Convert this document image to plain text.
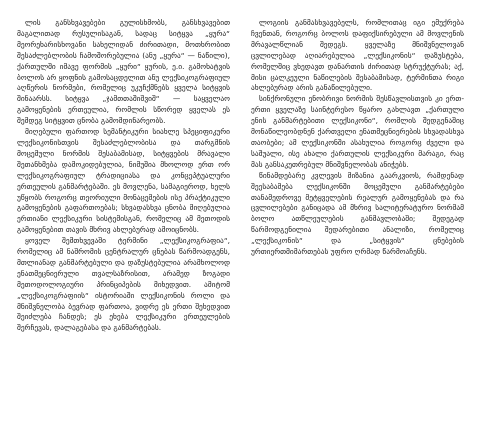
ლის განსხვავებები გულისხმობს, განსხვავებით მაგალითად რუსულისაგან, სადაც სიტყვა „ყურა“ მეორეხარისხოვანი სახელიდან ძირითადი, მოთხრობით შესაძლებლობის ჩამოშორებულია (ანუ „ყურა“ — ნაწილი), ქართულში იმავე ფორმის „ყური“ ყურის, ე.ი. გამოხატვის ბოლოს არ ყოფნის გამოსაცდელით ანუ ლექსიკოგრაფიულ აღწერის ნორმები, რომელიც უკუჩქმნებს ყველა სიტყვის შინაარსს. სიტყვა „ჯამთთაშიშვიშ“ — საყველაო გამოყენების ერთეულია, რომლის სწორედ ყველას ეს შემდეგ სიტყვით ცნობა გამომდინარეობს.

მიღებული ფართოდ სემანტიკური სიახლე სპეციფიკური ლექსიკონისთვის შესაძლებლობისა და თარგმნის მოცემული ნორმის შესაბამისად, სიტყვების მრავალი შეთანხმება დამოკიდებულია, ნიმუშია მხოლოდ ერთ ორ ლექსიკოგრაფიულ ტრადიციასა და კონცეპტუალური ერთეულის განმარტებაში. ეს მოვლენა, სამაგიეროდ, ხელს უწყობს როგორც თეორიული მონაცემების ისე პრაქტიკული გამოყენების გაფართოებას; სხვადასხვა ცნობა მიღებულია ერთიანი ლექსიკური სისტემისგან, რომელიც ამ მეთოდის გამოყენებით თავის მხრივ ახლებურად ამოიცნობს.

ყოველ შემთხვევაში ტერმინი „ლექსიკოგრაფია“, რომელიც ამ ნაშრომის ცენტრალურ ცნებას წარმოადგენს, მთლიანად განმარტებული და დაზუსტებულია არამხოლოდ ენათმეცნიერული თვალსაზრისით, არამედ ზოგადი მეთოდოლოგიური პრინციპების მიხედვით. ამიტომ „ლექსიკოგრაფიის“ ისტორიაში ლექსიკონის როლი და მნიშვნელობა ბევრად ფართოა, ვიდრე ეს ერთი შეხედვით შეიძლება ჩანდეს; ეს ეხება ლექსიკური ერთეულების შერჩევას, დალაგებასა და განმარტებას.

ლოგიის განმასხვავებელს, რომლითაც იგი ემუქრება ჩვენთან, როგორც ბოლოს დაფიქსირებული ამ მოვლენის მრავალწლიან შედეგს. ყველაზე მნიშვნელოვან ცვლილებად აღიარებულია „ლექსიკონის“ დაზუსტება, რომელშიც ვხედავთ დანართის ძირითად სტრუქტურას; აქ, მისი ცალკეული ნაწილების შესაბამისად, ტერმინთა რიგი ახლებურად არის განაწილებული.

სინქრონული ენობრივი ნორმის შესწავლისთვის კი ერთ-ერთი ყველაზე საინტერესო წყარო გახლავთ „ქართული ენის განმარტებითი ლექსიკონი“, რომლის შედგენაშიც მონაწილეობდნენ ქართველი ენათმეცნიერების სხვადასხვა თაობები; ამ ლექსიკონში ასახულია როგორც ძველი და საშუალი, ისე ახალი ქართულის ლექსიკური მარაგი, რაც მას განსაკუთრებულ მნიშვნელობას ანიჭებს.

წინამდებარე კვლევის მიზანია გაარკვიოს, რამდენად შეესაბამება ლექსიკონში მოცემული განმარტებები თანამედროვე მეტყველების რეალურ გამოყენებას და რა ცვლილებები განიცადა ამ მხრივ სალიტერატურო ნორმამ ბოლო ათწლეულების განმავლობაში; შედეგად წარმოდგენილია შედარებითი ანალიზი, რომელიც „ლექსიკონის“ და „სიტყვის“ ცნებების ურთიერთმიმართებას უფრო ღრმად წარმოაჩენს.
